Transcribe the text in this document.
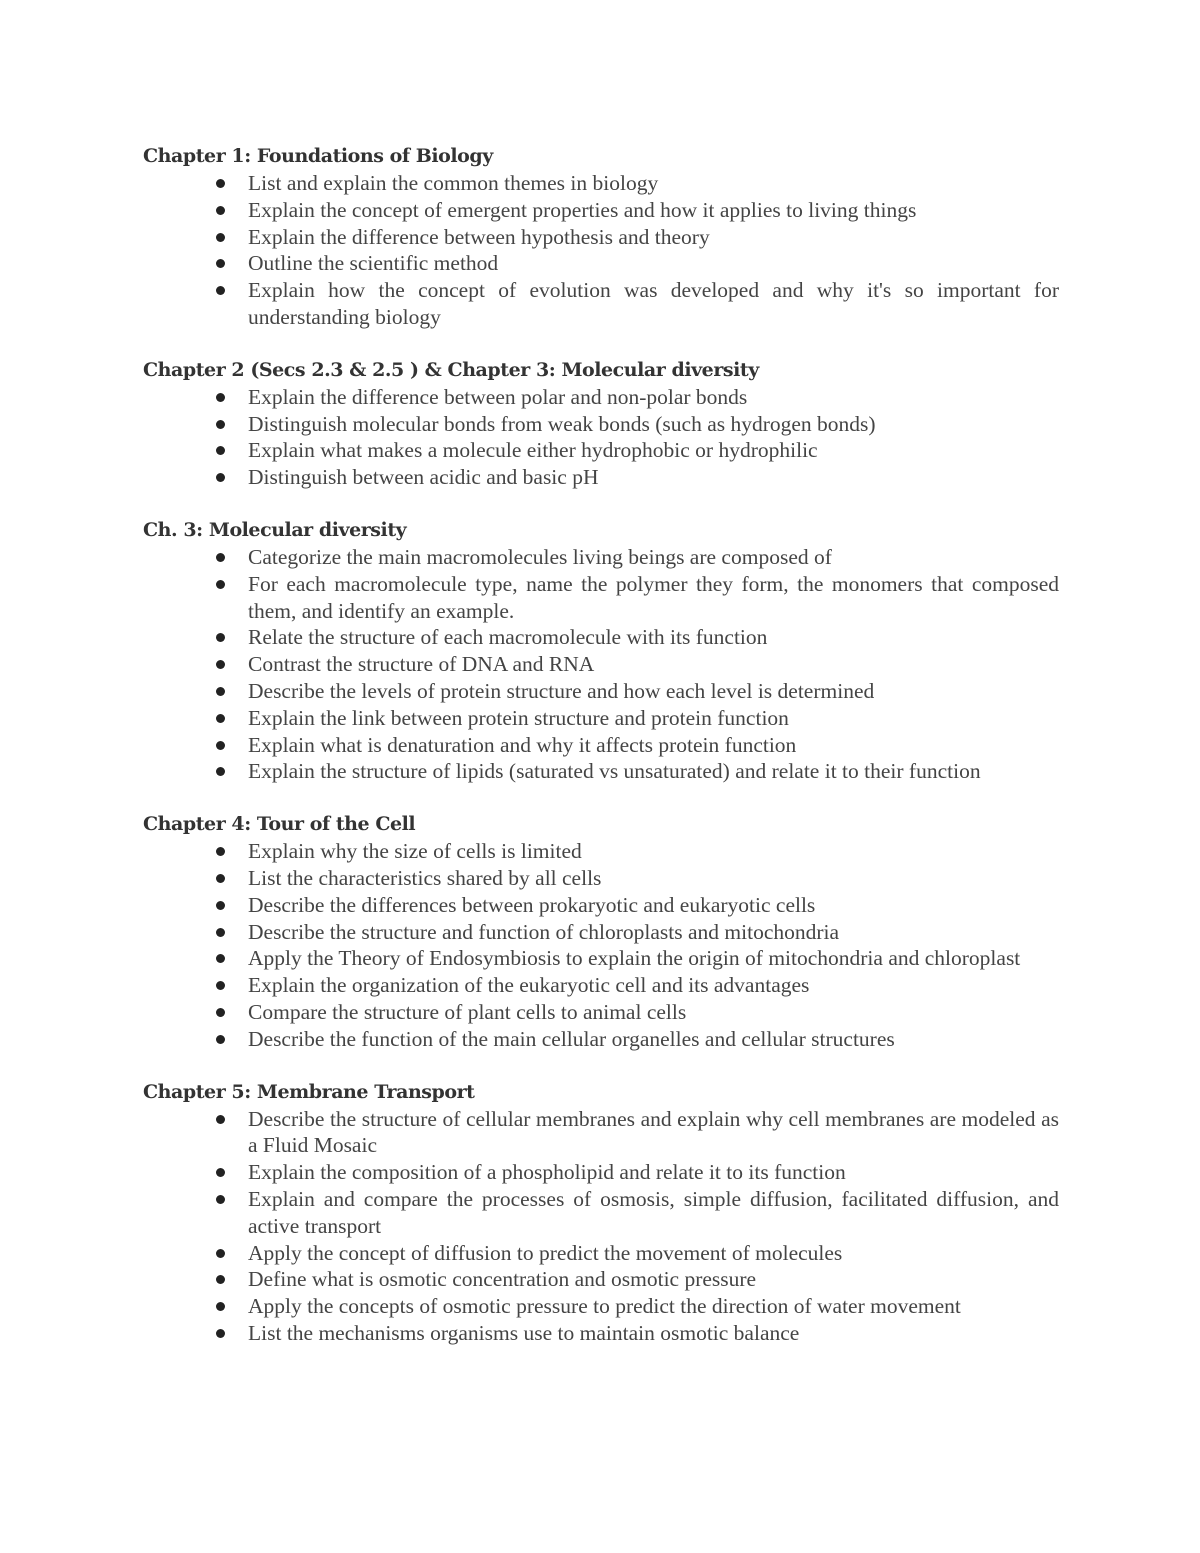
Chapter 1: Foundations of Biology
List and explain the common themes in biology
Explain the concept of emergent properties and how it applies to living things
Explain the difference between hypothesis and theory
Outline the scientific method
Explain how the concept of evolution was developed and why it's so important for understanding biology
Chapter 2 (Secs 2.3 & 2.5 ) & Chapter 3: Molecular diversity
Explain the difference between polar and non-polar bonds
Distinguish molecular bonds from weak bonds (such as hydrogen bonds)
Explain what makes a molecule either hydrophobic or hydrophilic
Distinguish between acidic and basic pH
Ch. 3: Molecular diversity
Categorize the main macromolecules living beings are composed of
For each macromolecule type, name the polymer they form, the monomers that composed them, and identify an example.
Relate the structure of each macromolecule with its function
Contrast the structure of DNA and RNA
Describe the levels of protein structure and how each level is determined
Explain the link between protein structure and protein function
Explain what is denaturation and why it affects protein function
Explain the structure of lipids (saturated vs unsaturated) and relate it to their function
Chapter 4: Tour of the Cell
Explain why the size of cells is limited
List the characteristics shared by all cells
Describe the differences between prokaryotic and eukaryotic cells
Describe the structure and function of chloroplasts and mitochondria
Apply the Theory of Endosymbiosis to explain the origin of mitochondria and chloroplast
Explain the organization of the eukaryotic cell and its advantages
Compare the structure of plant cells to animal cells
Describe the function of the main cellular organelles and cellular structures
Chapter 5: Membrane Transport
Describe the structure of cellular membranes and explain why cell membranes are modeled as a Fluid Mosaic
Explain the composition of a phospholipid and relate it to its function
Explain and compare the processes of osmosis, simple diffusion, facilitated diffusion, and active transport
Apply the concept of diffusion to predict the movement of molecules
Define what is osmotic concentration and osmotic pressure
Apply the concepts of osmotic pressure to predict the direction of water movement
List the mechanisms organisms use to maintain osmotic balance
